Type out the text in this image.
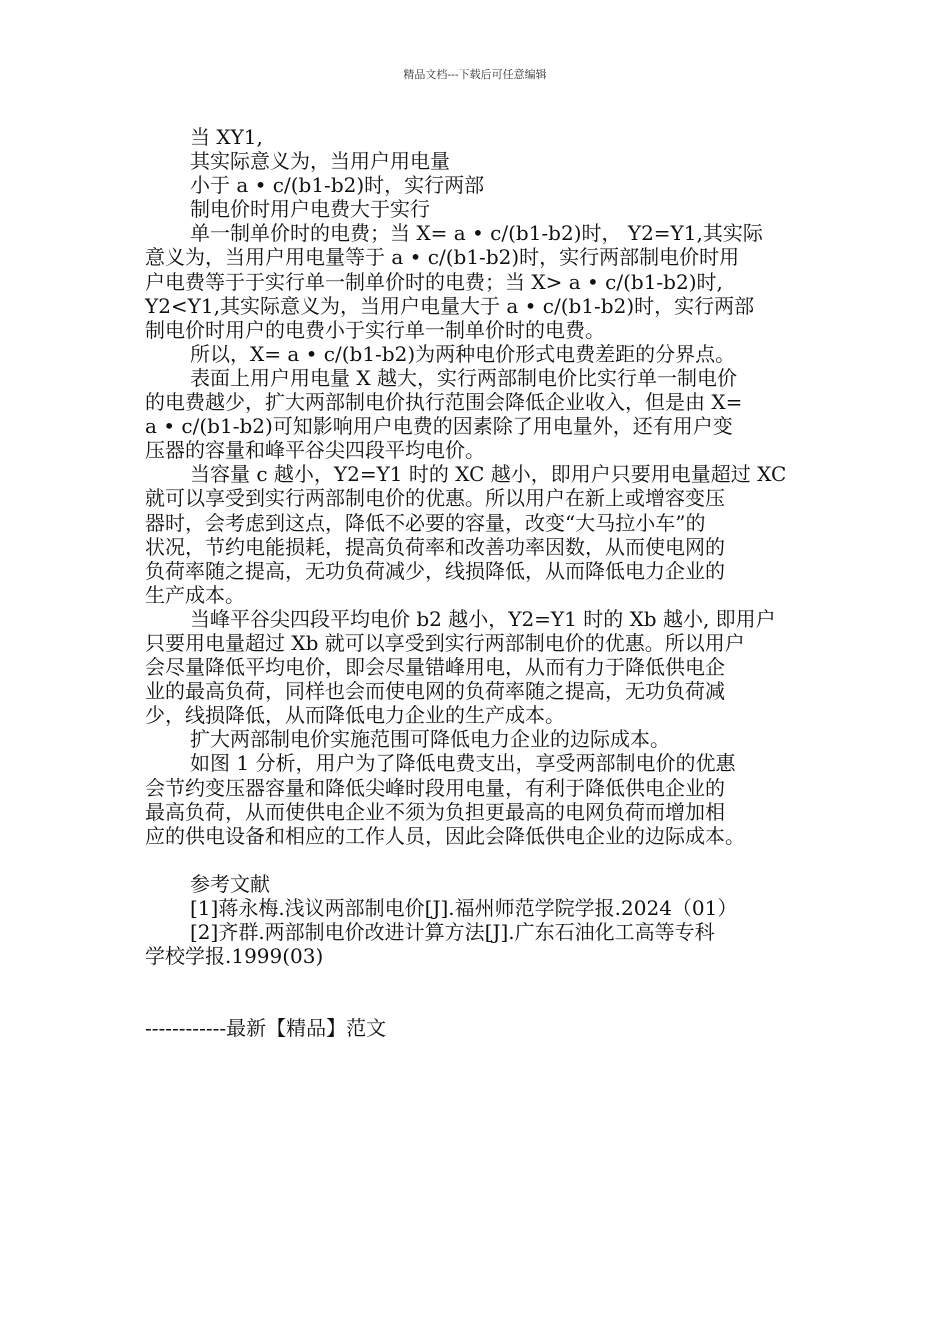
精品文档---下载后可任意编辑
当 XY1,
其实际意义为，当用户用电量
小于 a • c/(b1-b2)时，实行两部
制电价时用户电费大于实行
单一制单价时的电费；当 X= a • c/(b1-b2)时， Y2=Y1,其实际
意义为，当用户用电量等于 a • c/(b1-b2)时，实行两部制电价时用
户电费等于于实行单一制单价时的电费；当 X> a • c/(b1-b2)时,
Y2<Y1,其实际意义为，当用户电量大于 a • c/(b1-b2)时，实行两部
制电价时用户的电费小于实行单一制单价时的电费。
所以，X= a • c/(b1-b2)为两种电价形式电费差距的分界点。
表面上用户用电量 X 越大，实行两部制电价比实行单一制电价
的电费越少，扩大两部制电价执行范围会降低企业收入，但是由 X=
a • c/(b1-b2)可知影响用户电费的因素除了用电量外，还有用户变
压器的容量和峰平谷尖四段平均电价。
当容量 c 越小，Y2=Y1 时的 XC 越小，即用户只要用电量超过 XC
就可以享受到实行两部制电价的优惠。所以用户在新上或增容变压
器时，会考虑到这点，降低不必要的容量，改变“大马拉小车”的
状况，节约电能损耗，提高负荷率和改善功率因数，从而使电网的
负荷率随之提高，无功负荷减少，线损降低，从而降低电力企业的
生产成本。
当峰平谷尖四段平均电价 b2 越小，Y2=Y1 时的 Xb 越小, 即用户
只要用电量超过 Xb 就可以享受到实行两部制电价的优惠。所以用户
会尽量降低平均电价，即会尽量错峰用电，从而有力于降低供电企
业的最高负荷，同样也会而使电网的负荷率随之提高，无功负荷减
少，线损降低，从而降低电力企业的生产成本。
扩大两部制电价实施范围可降低电力企业的边际成本。
如图 1 分析，用户为了降低电费支出，享受两部制电价的优惠
会节约变压器容量和降低尖峰时段用电量，有利于降低供电企业的
最高负荷，从而使供电企业不须为负担更最高的电网负荷而增加相
应的供电设备和相应的工作人员，因此会降低供电企业的边际成本。
参考文献
[1]蒋永梅.浅议两部制电价[J].福州师范学院学报.2024（01）
[2]齐群.两部制电价改进计算方法[J].广东石油化工高等专科
学校学报.1999(03)
------------最新【精品】范文
